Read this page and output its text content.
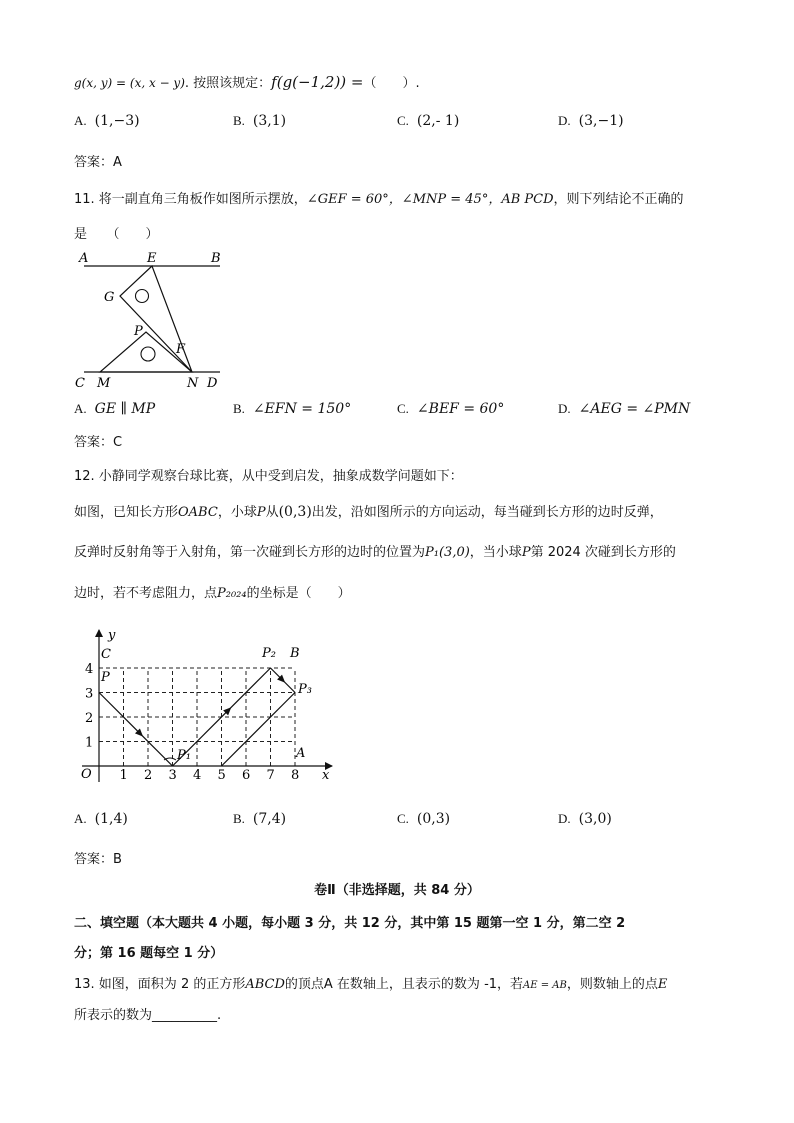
g(x, y) = (x, x − y). 按照该规定：f(g(−1,2)) =（　　）.
A. (1,−3)	B. (3,1)	C. (2,- 1)	D. (3,−1)
答案：A
11. 将一副直角三角板作如图所示摆放，∠GEF = 60°，∠MNP = 45°，AB PCD，则下列结论不正确的
是　　（　　）
A	E	B
G
P
F
C M	N D
A. GE ∥ MP	B. ∠EFN = 150°	C. ∠BEF = 60°	D. ∠AEG = ∠PMN
答案：C
12. 小静同学观察台球比赛，从中受到启发，抽象成数学问题如下：
如图，已知长方形OABC，小球P从(0,3)出发，沿如图所示的方向运动，每当碰到长方形的边时反弹，
反弹时反射角等于入射角，第一次碰到长方形的边时的位置为P₁(3,0)，当小球P第 2024 次碰到长方形的
边时，若不考虑阻力，点P₂₀₂₄的坐标是（　　）
1 2 3 4 5 6 7 8
1
2
3
4
O	x
y
C
P
P₁
P₂ B
P₃
A
A. (1,4)	B. (7,4)	C. (0,3)	D. (3,0)
答案：B
卷Ⅱ（非选择题，共 84 分）
二、填空题（本大题共 4 小题，每小题 3 分，共 12 分，其中第 15 题第一空 1 分，第二空 2
分；第 16 题每空 1 分）
13. 如图，面积为 2 的正方形ABCD的顶点A 在数轴上，且表示的数为 -1，若AE = AB，则数轴上的点E
所表示的数为__________.
